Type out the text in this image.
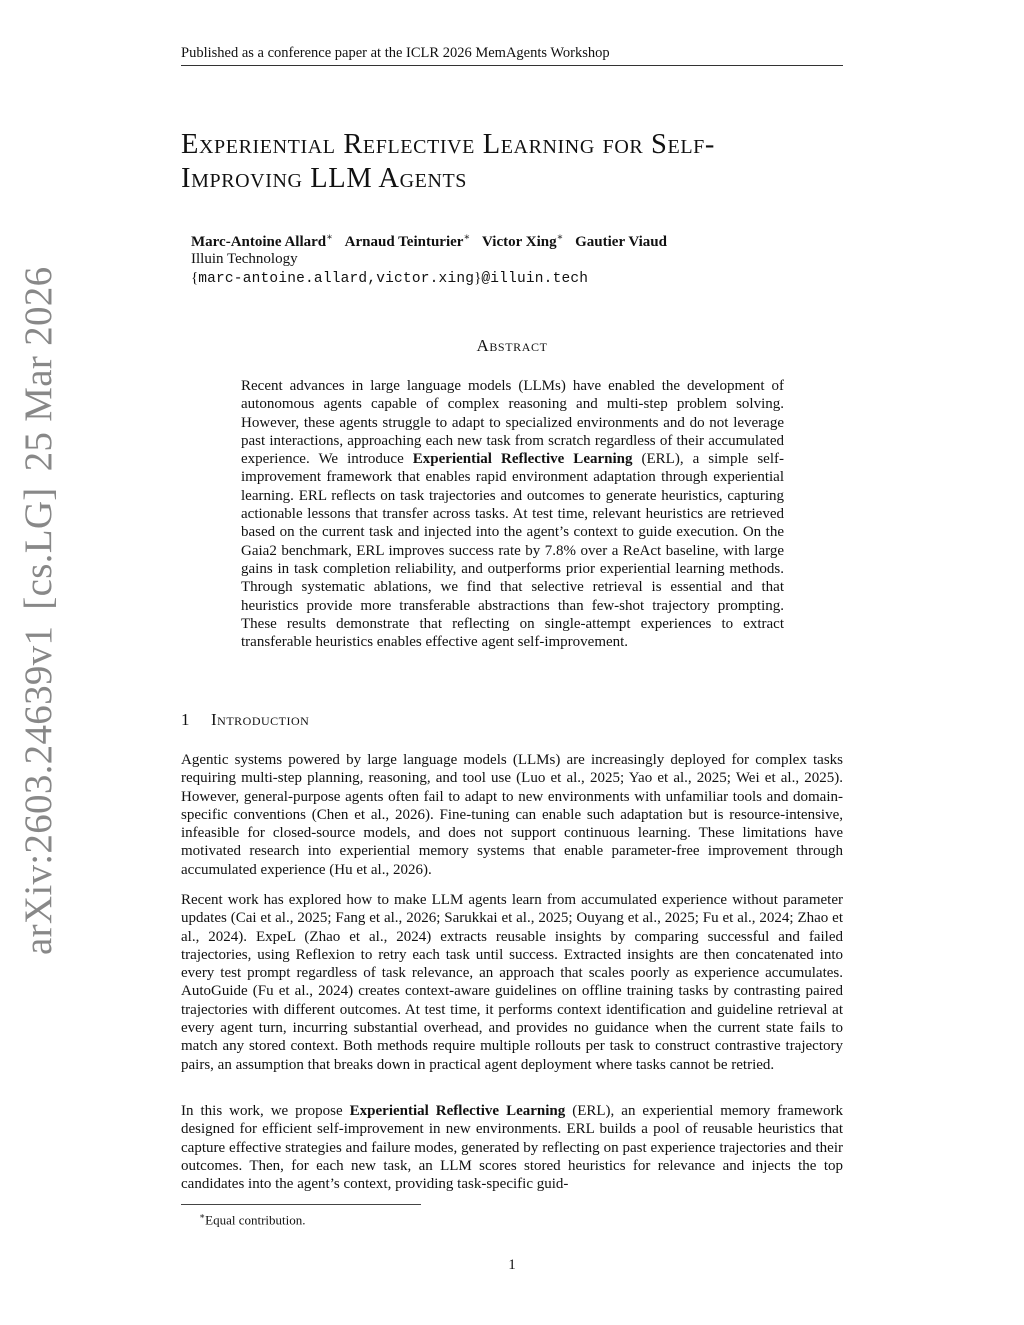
Published as a conference paper at the ICLR 2026 MemAgents Workshop
arXiv:2603.24639v1[cs.LG]25 Mar 2026
Experiential Reflective Learning for Self-
Improving LLM Agents
Marc-Antoine Allard∗ Arnaud Teinturier∗ Victor Xing∗ Gautier Viaud
Illuin Technology
{marc-antoine.allard,victor.xing}@illuin.tech
Abstract
Recent advances in large language models (LLMs) have enabled the development of autonomous agents capable of complex reasoning and multi-step problem solving. However, these agents struggle to adapt to specialized environments and do not leverage past interactions, approaching each new task from scratch regardless of their accumulated experience. We introduce Experiential Reflective Learning (ERL), a simple self-improvement framework that enables rapid environment adaptation through experiential learning. ERL reflects on task trajectories and outcomes to generate heuristics, capturing actionable lessons that transfer across tasks. At test time, relevant heuristics are retrieved based on the current task and injected into the agent’s context to guide execution. On the Gaia2 benchmark, ERL improves success rate by 7.8% over a ReAct baseline, with large gains in task completion reliability, and outperforms prior experiential learning methods. Through systematic ablations, we find that selective retrieval is essential and that heuristics provide more transferable abstractions than few-shot trajectory prompting. These results demonstrate that reflecting on single-attempt experiences to extract transferable heuristics enables effective agent self-improvement.
1 Introduction

Agentic systems powered by large language models (LLMs) are increasingly deployed for complex tasks requiring multi-step planning, reasoning, and tool use (Luo et al., 2025; Yao et al., 2025; Wei et al., 2025). However, general-purpose agents often fail to adapt to new environments with unfamiliar tools and domain-specific conventions (Chen et al., 2026). Fine-tuning can enable such adaptation but is resource-intensive, infeasible for closed-source models, and does not support continuous learning. These limitations have motivated research into experiential memory systems that enable parameter-free improvement through accumulated experience (Hu et al., 2026).

Recent work has explored how to make LLM agents learn from accumulated experience without parameter updates (Cai et al., 2025; Fang et al., 2026; Sarukkai et al., 2025; Ouyang et al., 2025; Fu et al., 2024; Zhao et al., 2024). ExpeL (Zhao et al., 2024) extracts reusable insights by comparing successful and failed trajectories, using Reflexion to retry each task until success. Extracted insights are then concatenated into every test prompt regardless of task relevance, an approach that scales poorly as experience accumulates. AutoGuide (Fu et al., 2024) creates context-aware guidelines on offline training tasks by contrasting paired trajectories with different outcomes. At test time, it performs context identification and guideline retrieval at every agent turn, incurring substantial overhead, and provides no guidance when the current state fails to match any stored context. Both methods require multiple rollouts per task to construct contrastive trajectory pairs, an assumption that breaks down in practical agent deployment where tasks cannot be retried.

In this work, we propose Experiential Reflective Learning (ERL), an experiential memory framework designed for efficient self-improvement in new environments. ERL builds a pool of reusable heuristics that capture effective strategies and failure modes, generated by reflecting on past experience trajectories and their outcomes. Then, for each new task, an LLM scores stored heuristics for relevance and injects the top candidates into the agent’s context, providing task-specific guid-

∗Equal contribution.
1
